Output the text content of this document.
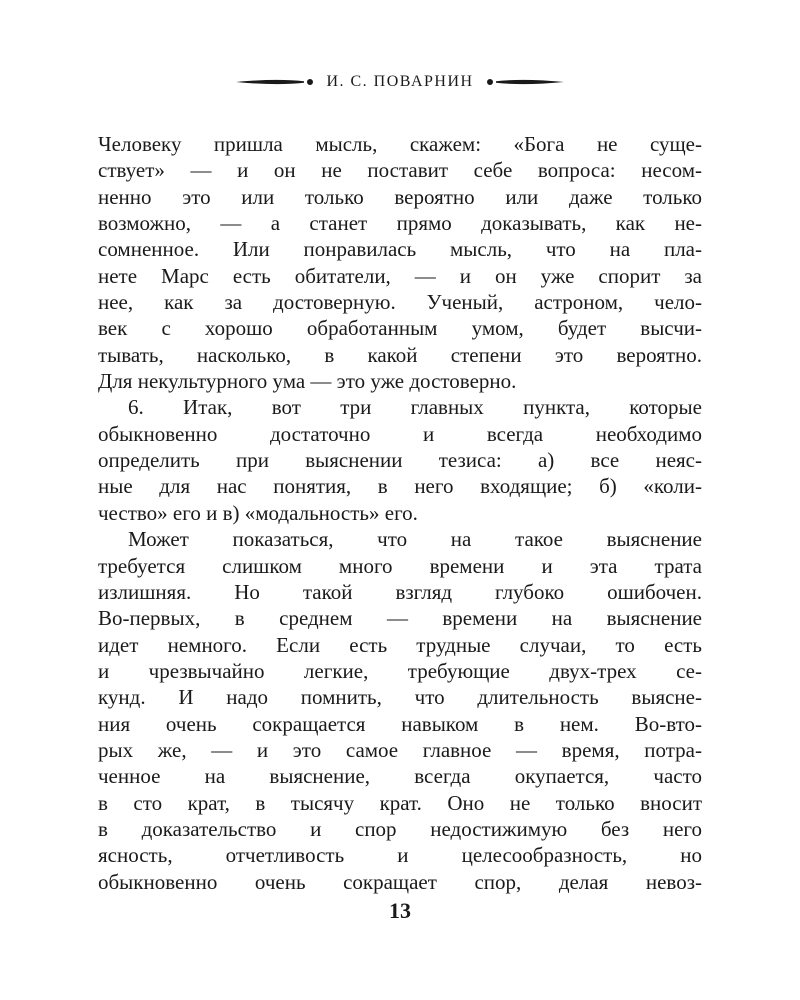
И. С. ПОВАРНИН
Человеку пришла мысль, скажем: «Бога не суще-
ствует» — и он не поставит себе вопроса: несом-
ненно это или только вероятно или даже только
возможно, — а станет прямо доказывать, как не-
сомненное. Или понравилась мысль, что на пла-
нете Марс есть обитатели, — и он уже спорит за
нее, как за достоверную. Ученый, астроном, чело-
век с хорошо обработанным умом, будет высчи-
тывать, насколько, в какой степени это вероятно.
Для некультурного ума — это уже достоверно.
6. Итак, вот три главных пункта, которые
обыкновенно достаточно и всегда необходимо
определить при выяснении тезиса: а) все неяс-
ные для нас понятия, в него входящие; б) «коли-
чество» его и в) «модальность» его.
Может показаться, что на такое выяснение
требуется слишком много времени и эта трата
излишняя. Но такой взгляд глубоко ошибочен.
Во-первых, в среднем — времени на выяснение
идет немного. Если есть трудные случаи, то есть
и чрезвычайно легкие, требующие двух-трех се-
кунд. И надо помнить, что длительность выясне-
ния очень сокращается навыком в нем. Во-вто-
рых же, — и это самое главное — время, потра-
ченное на выяснение, всегда окупается, часто
в сто крат, в тысячу крат. Оно не только вносит
в доказательство и спор недостижимую без него
ясность, отчетливость и целесообразность, но
обыкновенно очень сокращает спор, делая невоз-
13
